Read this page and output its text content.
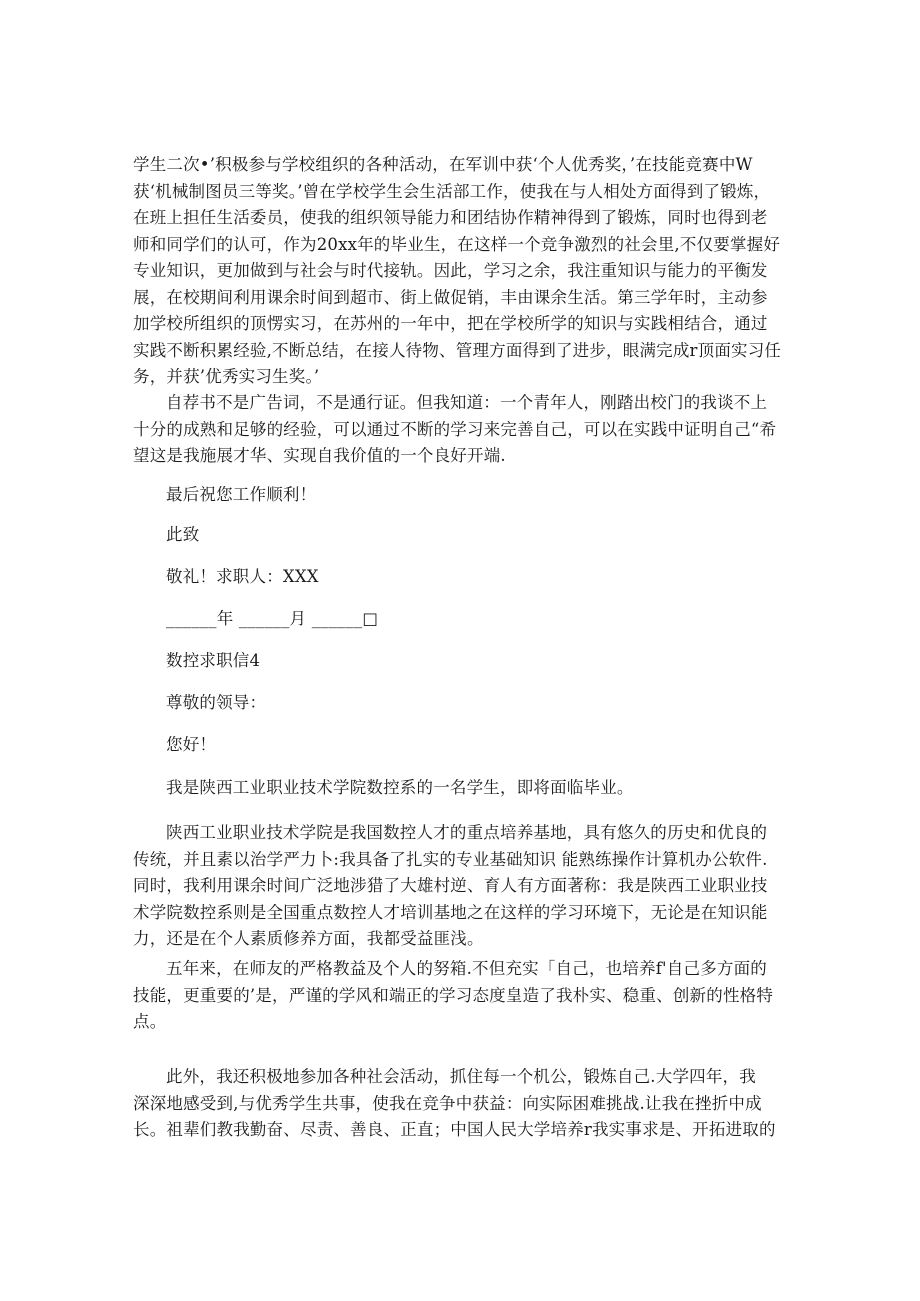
学生二次•’积极参与学校组织的各种活动，在军训中获‘个人优秀奖，’在技能竞赛中W
获‘机械制图员三等奖。’曾在学校学生会生活部工作，使我在与人相处方面得到了锻炼，
在班上担任生活委员，使我的组织领导能力和团结协作精神得到了锻炼，同时也得到老
师和同学们的认可，作为20xx年的毕业生，在这样一个竞争激烈的社会里,不仅要掌握好
专业知识，更加做到与社会与时代接轨。因此，学习之余，我注重知识与能力的平衡发
展，在校期间利用课余时间到超市、街上做促销，丰由课余生活。第三学年时，主动参
加学校所组织的顶愣实习，在苏州的一年中，把在学校所学的知识与实践相结合，通过
实践不断积累经验,不断总结，在接人待物、管理方面得到了进步，眼满完成r顶面实习任
务，并获’优秀实习生奖。’
自荐书不是广告词，不是通行证。但我知道：一个青年人，刚踏出校门的我谈不上
十分的成熟和足够的经验，可以通过不断的学习来完善自己，可以在实践中证明自己“希
望这是我施展才华、实现自我价值的一个良好开端.
最后祝您工作顺利！
此致
敬礼！求职人：XXX
______年 ______月 ______□
数控求职信4
尊敬的领导：
您好！
我是陕西工业职业技术学院数控系的一名学生，即将面临毕业。
陕西工业职业技术学院是我国数控人才的重点培养基地，具有悠久的历史和优良的
传统，并且素以治学严力卜:我具备了扎实的专业基础知识 能熟练操作计算机办公软件.
同时，我利用课余时间广泛地涉猎了大雄村逆、育人有方面著称：我是陕西工业职业技
术学院数控系则是全国重点数控人才培训基地之在这样的学习环境下，无论是在知识能
力，还是在个人素质修养方面，我都受益匪浅。
五年来，在师友的严格教益及个人的努箱.不但充实「自己，也培养f'自己多方面的
技能，更重要的’是，严谨的学风和端正的学习态度皇造了我朴实、稳重、创新的性格特
点。
此外，我还积极地参加各种社会活动，抓住每一个机公，锻炼自己.大学四年，我
深深地感受到,与优秀学生共事，使我在竞争中获益：向实际困难挑战.让我在挫折中成
长。祖辈们教我勤奋、尽责、善良、正直；中国人民大学培养r我实事求是、开拓进取的
